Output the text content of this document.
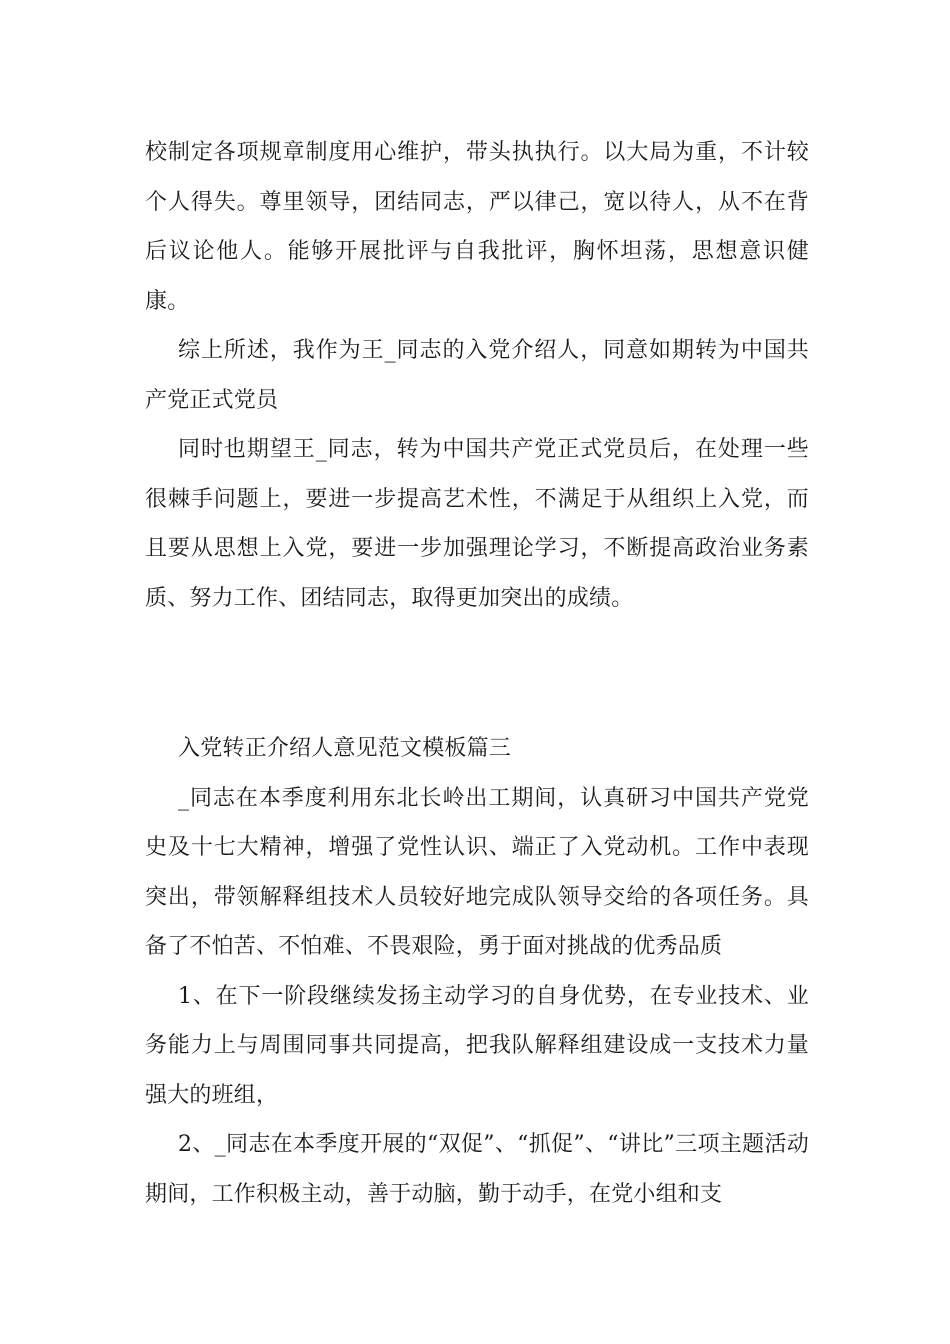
校制定各项规章制度用心维护，带头执执行。以大局为重，不计较个人得失。尊里领导，团结同志，严以律己，宽以待人，从不在背后议论他人。能够开展批评与自我批评，胸怀坦荡，思想意识健康。

综上所述，我作为王_同志的入党介绍人，同意如期转为中国共产党正式党员

同时也期望王_同志，转为中国共产党正式党员后，在处理一些很棘手问题上，要进一步提高艺术性，不满足于从组织上入党，而且要从思想上入党，要进一步加强理论学习，不断提高政治业务素质、努力工作、团结同志，取得更加突出的成绩。

入党转正介绍人意见范文模板篇三

_同志在本季度利用东北长岭出工期间，认真研习中国共产党党史及十七大精神，增强了党性认识、端正了入党动机。工作中表现突出，带领解释组技术人员较好地完成队领导交给的各项任务。具备了不怕苦、不怕难、不畏艰险，勇于面对挑战的优秀品质

1、在下一阶段继续发扬主动学习的自身优势，在专业技术、业务能力上与周围同事共同提高，把我队解释组建设成一支技术力量强大的班组，

2、_同志在本季度开展的“双促”、“抓促”、“讲比”三项主题活动期间，工作积极主动，善于动脑，勤于动手，在党小组和支
